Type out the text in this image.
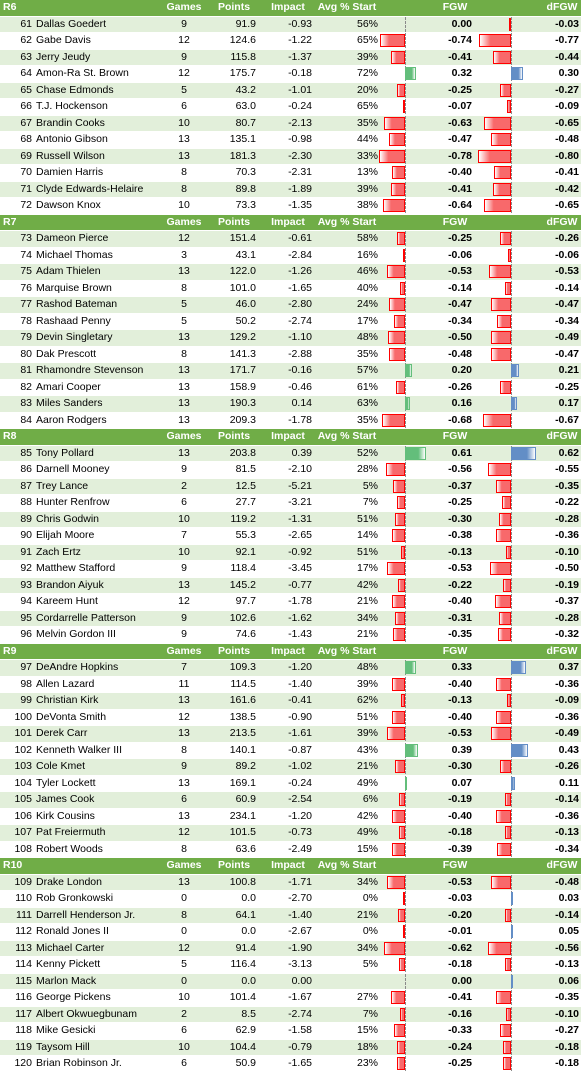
R6		Games	Points	Impact	Avg % Start		FGW		dFGW
61	Dallas Goedert	9	91.9	-0.93	56%		0.00		-0.03
62	Gabe Davis	12	124.6	-1.22	65%		-0.74		-0.77
63	Jerry Jeudy	9	115.8	-1.37	39%		-0.41		-0.44
64	Amon-Ra St. Brown	12	175.7	-0.18	72%		0.32		0.30
65	Chase Edmonds	5	43.2	-1.01	20%		-0.25		-0.27
66	T.J. Hockenson	6	63.0	-0.24	65%		-0.07		-0.09
67	Brandin Cooks	10	80.7	-2.13	35%		-0.63		-0.65
68	Antonio Gibson	13	135.1	-0.98	44%		-0.47		-0.48
69	Russell Wilson	13	181.3	-2.30	33%		-0.78		-0.80
70	Damien Harris	8	70.3	-2.31	13%		-0.40		-0.41
71	Clyde Edwards-Helaire	8	89.8	-1.89	39%		-0.41		-0.42
72	Dawson Knox	10	73.3	-1.35	38%		-0.64		-0.65
R7		Games	Points	Impact	Avg % Start		FGW		dFGW
73	Dameon Pierce	12	151.4	-0.61	58%		-0.25		-0.26
74	Michael Thomas	3	43.1	-2.84	16%		-0.06		-0.06
75	Adam Thielen	13	122.0	-1.26	46%		-0.53		-0.53
76	Marquise Brown	8	101.0	-1.65	40%		-0.14		-0.14
77	Rashod Bateman	5	46.0	-2.80	24%		-0.47		-0.47
78	Rashaad Penny	5	50.2	-2.74	17%		-0.34		-0.34
79	Devin Singletary	13	129.2	-1.10	48%		-0.50		-0.49
80	Dak Prescott	8	141.3	-2.88	35%		-0.48		-0.47
81	Rhamondre Stevenson	13	171.7	-0.16	57%		0.20		0.21
82	Amari Cooper	13	158.9	-0.46	61%		-0.26		-0.25
83	Miles Sanders	13	190.3	0.14	63%		0.16		0.17
84	Aaron Rodgers	13	209.3	-1.78	35%		-0.68		-0.67
R8		Games	Points	Impact	Avg % Start		FGW		dFGW
85	Tony Pollard	13	203.8	0.39	52%		0.61		0.62
86	Darnell Mooney	9	81.5	-2.10	28%		-0.56		-0.55
87	Trey Lance	2	12.5	-5.21	5%		-0.37		-0.35
88	Hunter Renfrow	6	27.7	-3.21	7%		-0.25		-0.22
89	Chris Godwin	10	119.2	-1.31	51%		-0.30		-0.28
90	Elijah Moore	7	55.3	-2.65	14%		-0.38		-0.36
91	Zach Ertz	10	92.1	-0.92	51%		-0.13		-0.10
92	Matthew Stafford	9	118.4	-3.45	17%		-0.53		-0.50
93	Brandon Aiyuk	13	145.2	-0.77	42%		-0.22		-0.19
94	Kareem Hunt	12	97.7	-1.78	21%		-0.40		-0.37
95	Cordarrelle Patterson	9	102.6	-1.62	34%		-0.31		-0.28
96	Melvin Gordon III	9	74.6	-1.43	21%		-0.35		-0.32
R9		Games	Points	Impact	Avg % Start		FGW		dFGW
97	DeAndre Hopkins	7	109.3	-1.20	48%		0.33		0.37
98	Allen Lazard	11	114.5	-1.40	39%		-0.40		-0.36
99	Christian Kirk	13	161.6	-0.41	62%		-0.13		-0.09
100	DeVonta Smith	12	138.5	-0.90	51%		-0.40		-0.36
101	Derek Carr	13	213.5	-1.61	39%		-0.53		-0.49
102	Kenneth Walker III	8	140.1	-0.87	43%		0.39		0.43
103	Cole Kmet	9	89.2	-1.02	21%		-0.30		-0.26
104	Tyler Lockett	13	169.1	-0.24	49%		0.07		0.11
105	James Cook	6	60.9	-2.54	6%		-0.19		-0.14
106	Kirk Cousins	13	234.1	-1.20	42%		-0.40		-0.36
107	Pat Freiermuth	12	101.5	-0.73	49%		-0.18		-0.13
108	Robert Woods	8	63.6	-2.49	15%		-0.39		-0.34
R10		Games	Points	Impact	Avg % Start		FGW		dFGW
109	Drake London	13	100.8	-1.71	34%		-0.53		-0.48
110	Rob Gronkowski	0	0.0	-2.70	0%		-0.03		0.03
111	Darrell Henderson Jr.	8	64.1	-1.40	21%		-0.20		-0.14
112	Ronald Jones II	0	0.0	-2.67	0%		-0.01		0.05
113	Michael Carter	12	91.4	-1.90	34%		-0.62		-0.56
114	Kenny Pickett	5	116.4	-3.13	5%		-0.18		-0.13
115	Marlon Mack	0	0.0	0.00			0.00		0.06
116	George Pickens	10	101.4	-1.67	27%		-0.41		-0.35
117	Albert Okwuegbunam	2	8.5	-2.74	7%		-0.16		-0.10
118	Mike Gesicki	6	62.9	-1.58	15%		-0.33		-0.27
119	Taysom Hill	10	104.4	-0.79	18%		-0.24		-0.18
120	Brian Robinson Jr.	6	50.9	-1.65	23%		-0.25		-0.18
